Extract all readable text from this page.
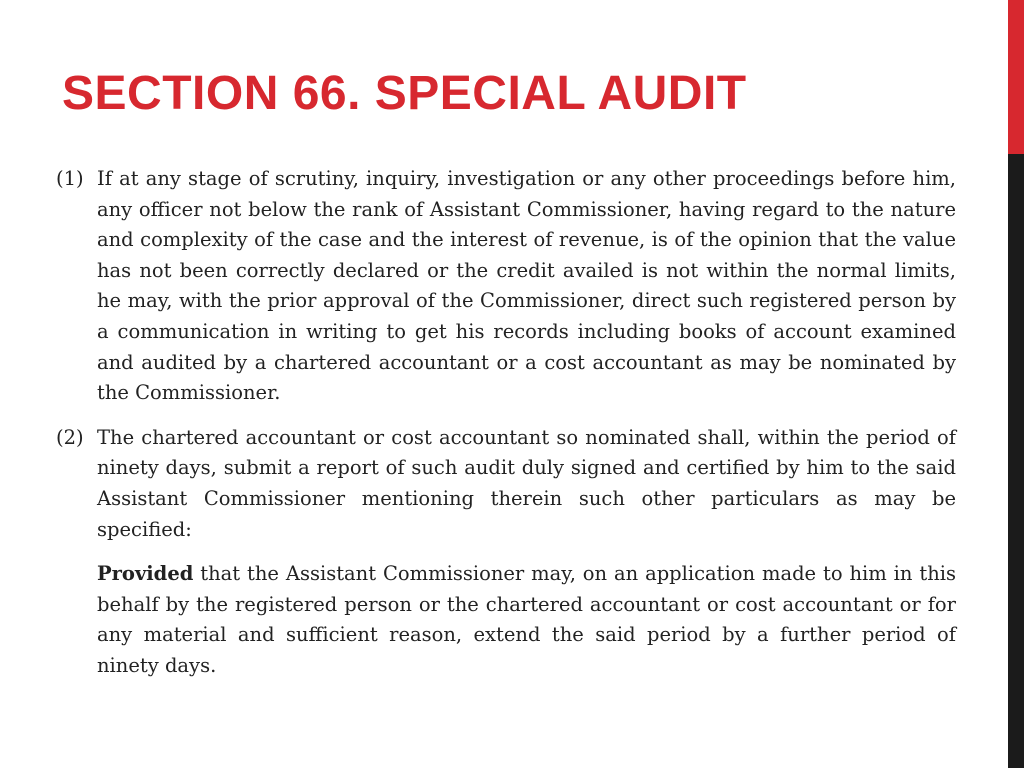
SECTION 66. SPECIAL AUDIT

(1) If at any stage of scrutiny, inquiry, investigation or any other proceedings before him, any officer not below the rank of Assistant Commissioner, having regard to the nature and complexity of the case and the interest of revenue, is of the opinion that the value has not been correctly declared or the credit availed is not within the normal limits, he may, with the prior approval of the Commissioner, direct such registered person by a communication in writing to get his records including books of account examined and audited by a chartered accountant or a cost accountant as may be nominated by the Commissioner.

(2) The chartered accountant or cost accountant so nominated shall, within the period of ninety days, submit a report of such audit duly signed and certified by him to the said Assistant Commissioner mentioning therein such other particulars as may be specified:

Provided that the Assistant Commissioner may, on an application made to him in this behalf by the registered person or the chartered accountant or cost accountant or for any material and sufficient reason, extend the said period by a further period of ninety days.
